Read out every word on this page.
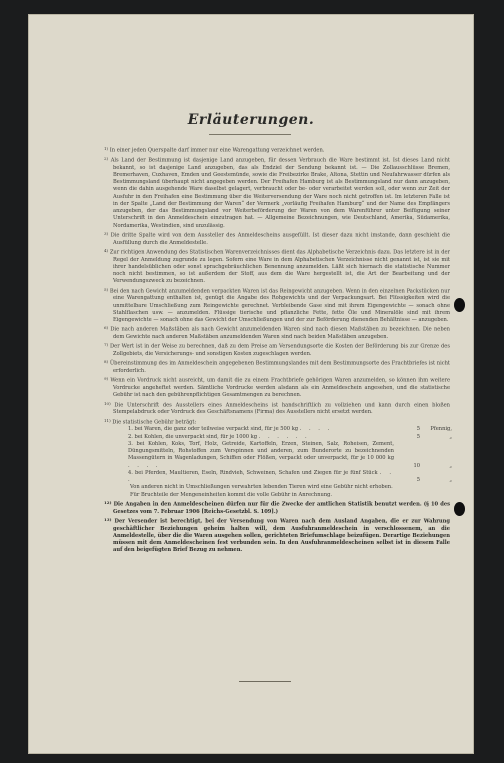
Erläuterungen.

$^{1)}$ In einer jeden Querspalte darf immer nur eine Warengattung verzeichnet werden.

$^{2)}$ Als Land der Bestimmung ist dasjenige Land anzugeben, für dessen Verbrauch die Ware bestimmt ist. Ist dieses Land nicht bekannt, so ist dasjenige Land anzugeben, das als Endziel der Sendung bekannt ist. — Die Zollausschlüsse Bremen, Bremerhaven, Cuxhaven, Emden und Geestemünde, sowie die Freibezirke Brake, Altona, Stettin und Neufahrwasser dürfen als Bestimmungsland überhaupt nicht angegeben werden. Der Freihafen Hamburg ist als Bestimmungsland nur dann anzugeben, wenn die dahin ausgehende Ware daselbst gelagert, verbraucht oder be- oder verarbeitet werden soll, oder wenn zur Zeit der Ausfuhr in den Freihafen eine Bestimmung über die Weiterversendung der Ware noch nicht getroffen ist. Im letzteren Falle ist in der Spalte „Land der Bestimmung der Waren“ der Vermerk „vorläufig Freihafen Hamburg“ und der Name des Empfängers anzugeben, der das Bestimmungsland vor Weiterbeförderung der Waren von dem Warenführer unter Beifügung seiner Unterschrift in den Anmeldeschein einzutragen hat. — Allgemeine Bezeichnungen, wie Deutschland, Amerika, Südamerika, Nordamerika, Westindien, sind unzulässig.

$^{3)}$ Die dritte Spalte wird von dem Aussteller des Anmeldescheins ausgefüllt. Ist dieser dazu nicht imstande, dann geschieht die Ausfüllung durch die Anmeldestelle.

$^{4)}$ Zur richtigen Anwendung des Statistischen Warenverzeichnisses dient das Alphabetische Verzeichnis dazu. Das letztere ist in der Regel der Anmeldung zugrunde zu legen. Sofern eine Ware in dem Alphabetischen Verzeichnisse nicht genannt ist, ist sie mit ihrer handelsüblichen oder sonst sprachgebräuchlichen Benennung anzumelden. Läßt sich hiernach die statistische Nummer noch nicht bestimmen, so ist außerdem der Stoff, aus dem die Ware hergestellt ist, die Art der Bearbeitung und der Verwendungszweck zu bezeichnen.

$^{5)}$ Bei den nach Gewicht anzumeldenden verpackten Waren ist das Reingewicht anzugeben. Wenn in den einzelnen Packstücken nur eine Warengattung enthalten ist, genügt die Angabe des Rohgewichts und der Verpackungsart. Bei Flüssigkeiten wird die unmittelbare Umschließung zum Reingewichte gerechnet. Verbleibende Gase sind mit ihrem Eigengewichte — sonach ohne Stahlflaschen usw. — anzumelden. Flüssige tierische und pflanzliche Fette, fette Öle und Mineralöle sind mit ihrem Eigengewichte — sonach ohne das Gewicht der Umschließungen und der zur Beförderung dienenden Behältnisse — anzugeben.

$^{6)}$ Die nach anderen Maßstäben als nach Gewicht anzumeldenden Waren sind nach diesen Maßstäben zu bezeichnen. Die neben dem Gewichte nach anderen Maßstäben anzumeldenden Waren sind nach beiden Maßstäben anzugeben.

$^{7)}$ Der Wert ist in der Weise zu berechnen, daß zu dem Preise am Versendungsorte die Kosten der Beförderung bis zur Grenze des Zollgebiets, die Versicherungs- und sonstigen Kosten zugeschlagen werden.

$^{8)}$ Übereinstimmung des im Anmeldeschein angegebenen Bestimmungslandes mit dem Bestimmungsorte des Frachtbriefes ist nicht erforderlich.

$^{9)}$ Wenn ein Vordruck nicht ausreicht, um damit die zu einem Frachtbriefe gehörigen Waren anzumelden, so können ihm weitere Vordrucke angeheftet werden. Sämtliche Vordrucke werden alsdann als ein Anmeldeschein angesehen, und die statistische Gebühr ist nach den gebührenpflichtigen Gesamtmengen zu berechnen.

$^{10)}$ Die Unterschrift des Ausstellers eines Anmeldescheins ist handschriftlich zu vollziehen und kann durch einen bloßen Stempelabdruck oder Vordruck des Geschäftsnamens (Firma) des Ausstellers nicht ersetzt werden.

$^{11)}$ Die statistische Gebühr beträgt:

1. bei Waren, die ganz oder teilweise verpackt sind, für je 500 kg . . . .	5 Pfennig,

2. bei Kohlen, die unverpackt sind, für je 1000 kg . . . . . .	5	„

3. bei Kohlen, Koks, Torf, Holz, Getreide, Kartoffeln, Erzen, Steinen, Salz, Roheisen, Zement, Düngungsmitteln, Rohstoffen zum Verspinnen und anderen, zum Bunderorte zu bezeichnenden Massengütern in Wagenladungen, Schiffen oder Flößen, verpackt oder unverpackt, für je 10 000 kg . . . .	10	„

4. bei Pferden, Maultieren, Eseln, Rindvieh, Schweinen, Schafen und Ziegen für je fünf Stück . . .	5	„

Von anderen nicht in Umschließungen verwahrten lebenden Tieren wird eine Gebühr nicht erhoben.

Für Bruchteile der Mengeneinheiten kommt die volle Gebühr in Anrechnung.

$^{12)}$ Die Angaben in den Anmeldescheinen dürfen nur für die Zwecke der amtlichen Statistik benutzt werden. (§ 10 des Gesetzes vom 7. Februar 1906 [Reichs-Gesetzbl. S. 109].)

$^{13)}$ Der Versender ist berechtigt, bei der Versendung von Waren nach dem Ausland Angaben, die er zur Wahrung geschäftlicher Beziehungen geheim halten will, dem Ausfuhranmeldeschein in verschlossenem, an die Anmeldestelle, über die die Waren ausgehen sollen, gerichteten Briefumschlage beizufügen. Derartige Beziehungen müssen mit dem Anmeldescheinen fest verbunden sein. In den Ausfuhranmeldescheinen selbst ist in diesem Falle auf den beigefügten Brief Bezug zu nehmen.
